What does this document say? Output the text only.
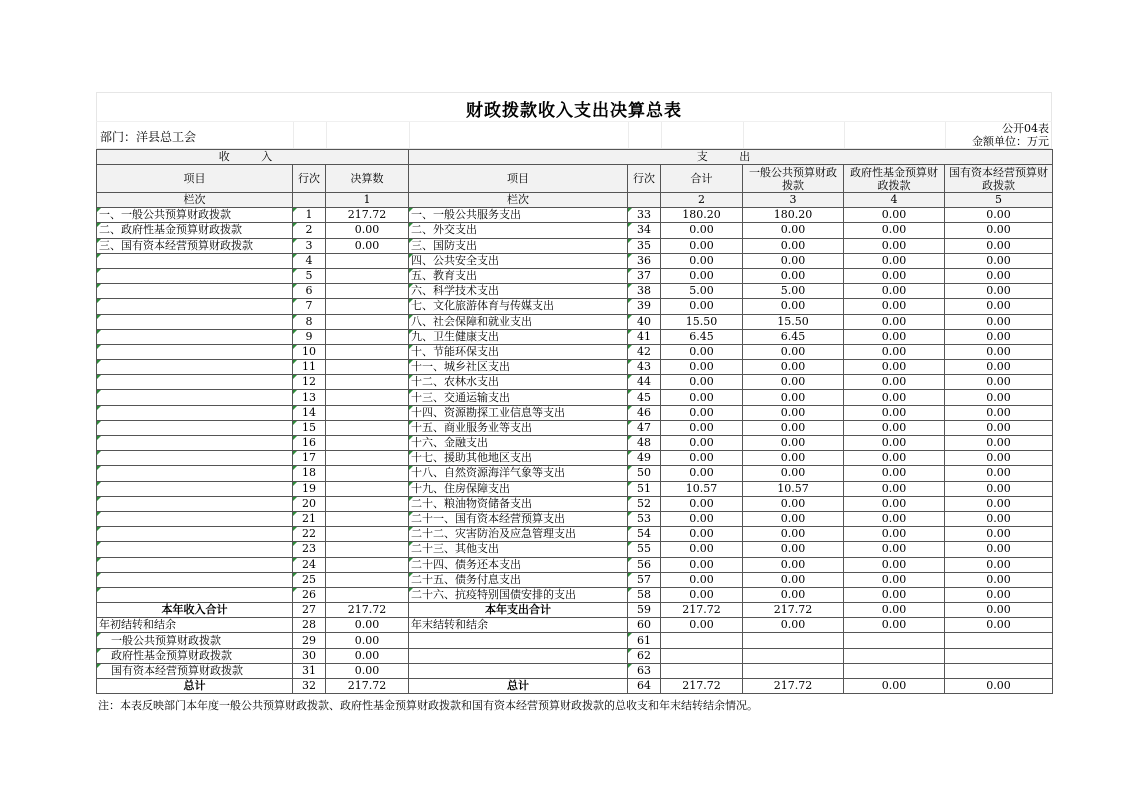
财政拨款收入支出决算总表
部门：洋县总工会
公开04表
金额单位：万元
收 入			支 出					
项目	行次	决算数	项目	行次	合计	一般公共预算财政拨款	政府性基金预算财政拨款	国有资本经营预算财政拨款
栏次		1	栏次		2	3	4	5
一、一般公共预算财政拨款	1	217.72	一、一般公共服务支出	33	180.20	180.20	0.00	0.00
二、政府性基金预算财政拨款	2	0.00	二、外交支出	34	0.00	0.00	0.00	0.00
三、国有资本经营预算财政拨款	3	0.00	三、国防支出	35	0.00	0.00	0.00	0.00
	4		四、公共安全支出	36	0.00	0.00	0.00	0.00
	5		五、教育支出	37	0.00	0.00	0.00	0.00
	6		六、科学技术支出	38	5.00	5.00	0.00	0.00
	7		七、文化旅游体育与传媒支出	39	0.00	0.00	0.00	0.00
	8		八、社会保障和就业支出	40	15.50	15.50	0.00	0.00
	9		九、卫生健康支出	41	6.45	6.45	0.00	0.00
	10		十、节能环保支出	42	0.00	0.00	0.00	0.00
	11		十一、城乡社区支出	43	0.00	0.00	0.00	0.00
	12		十二、农林水支出	44	0.00	0.00	0.00	0.00
	13		十三、交通运输支出	45	0.00	0.00	0.00	0.00
	14		十四、资源勘探工业信息等支出	46	0.00	0.00	0.00	0.00
	15		十五、商业服务业等支出	47	0.00	0.00	0.00	0.00
	16		十六、金融支出	48	0.00	0.00	0.00	0.00
	17		十七、援助其他地区支出	49	0.00	0.00	0.00	0.00
	18		十八、自然资源海洋气象等支出	50	0.00	0.00	0.00	0.00
	19		十九、住房保障支出	51	10.57	10.57	0.00	0.00
	20		二十、粮油物资储备支出	52	0.00	0.00	0.00	0.00
	21		二十一、国有资本经营预算支出	53	0.00	0.00	0.00	0.00
	22		二十二、灾害防治及应急管理支出	54	0.00	0.00	0.00	0.00
	23		二十三、其他支出	55	0.00	0.00	0.00	0.00
	24		二十四、债务还本支出	56	0.00	0.00	0.00	0.00
	25		二十五、债务付息支出	57	0.00	0.00	0.00	0.00
	26		二十六、抗疫特别国债安排的支出	58	0.00	0.00	0.00	0.00
本年收入合计	27	217.72	本年支出合计	59	217.72	217.72	0.00	0.00
年初结转和结余	28	0.00	年末结转和结余	60	0.00	0.00	0.00	0.00
一般公共预算财政拨款	29	0.00		61				
政府性基金预算财政拨款	30	0.00		62				
国有资本经营预算财政拨款	31	0.00		63				
总计	32	217.72	总计	64	217.72	217.72	0.00	0.00
注：本表反映部门本年度一般公共预算财政拨款、政府性基金预算财政拨款和国有资本经营预算财政拨款的总收支和年末结转结余情况。
